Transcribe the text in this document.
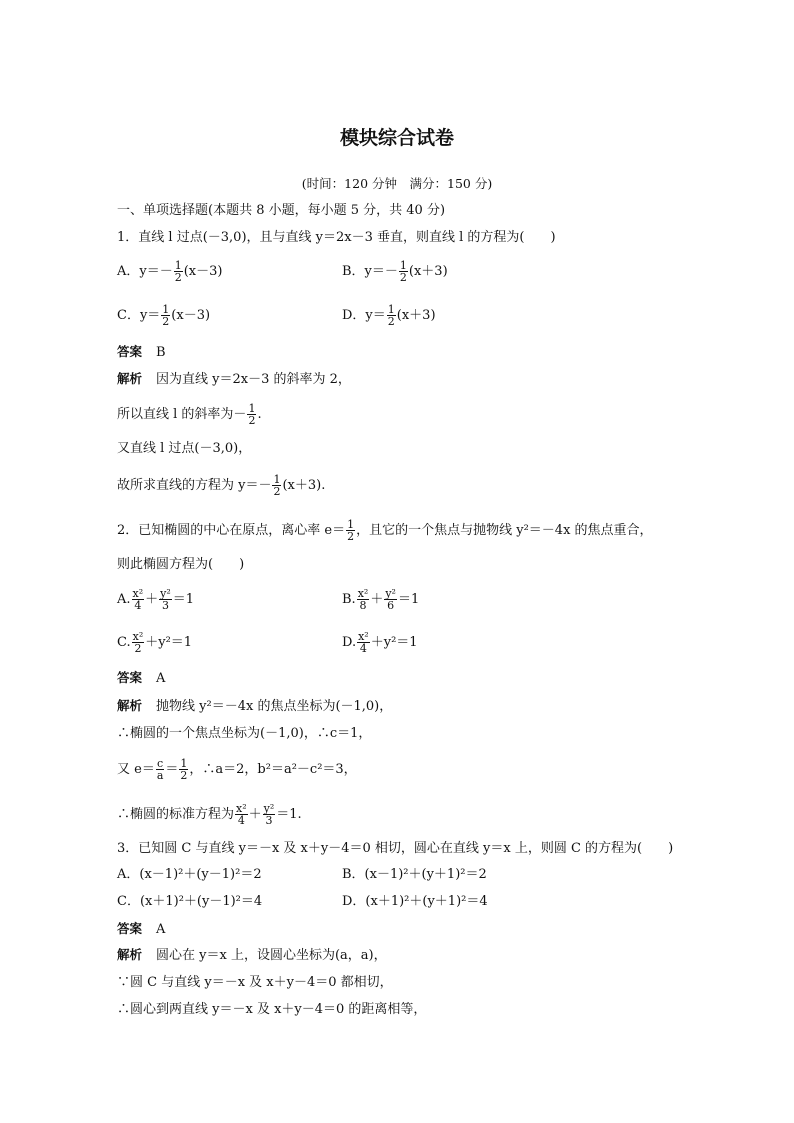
模块综合试卷
(时间：120 分钟　满分：150 分)
一、单项选择题(本题共 8 小题，每小题 5 分，共 40 分)
1．直线 l 过点(－3,0)，且与直线 y＝2x－3 垂直，则直线 l 的方程为(　　)
A．$y=- \frac{1}{2} (x-3)$	B．$y=- \frac{1}{2} (x+3)$
C．$y= \frac{1}{2} (x-3)$	D．$y= \frac{1}{2} (x+3)$
答案 B
解析 因为直线 y＝2x－3 的斜率为 2，
所以直线 l 的斜率为－ $\frac{1}{2}$ .
又直线 l 过点(－3,0)，
故所求直线的方程为 $y=- \frac{1}{2} (x+3)$.
2．已知椭圆的中心在原点，离心率 $e= \frac{1}{2}$ ，且它的一个焦点与抛物线 y²＝－4x 的焦点重合，
则此椭圆方程为(　　)
A. $\frac{\text{x²}}{4} + \frac{\text{y²}}{3} =1$	B. $\frac{\text{x²}}{8} + \frac{\text{y²}}{6} =1$
C. $\frac{\text{x²}}{2} +y^2=1$	D. $\frac{\text{x²}}{4} +y^2=1$
答案 A
解析 抛物线 y²＝－4x 的焦点坐标为(－1,0)，
∴椭圆的一个焦点坐标为(－1,0)，∴c＝1，
又 $e= \frac{c}{a} = \frac{1}{2}$ ，∴a＝2，b²＝a²－c²＝3，
∴椭圆的标准方程为 $\frac{\text{x²}}{4} + \frac{\text{y²}}{3} =1$.
3．已知圆 C 与直线 y＝－x 及 x＋y－4＝0 相切，圆心在直线 y＝x 上，则圆 C 的方程为(　　)
A．(x－1)²＋(y－1)²＝2	B．(x－1)²＋(y＋1)²＝2
C．(x＋1)²＋(y－1)²＝4	D．(x＋1)²＋(y＋1)²＝4
答案 A
解析 圆心在 y＝x 上，设圆心坐标为(a，a)，
∵圆 C 与直线 y＝－x 及 x＋y－4＝0 都相切，
∴圆心到两直线 y＝－x 及 x＋y－4＝0 的距离相等，
